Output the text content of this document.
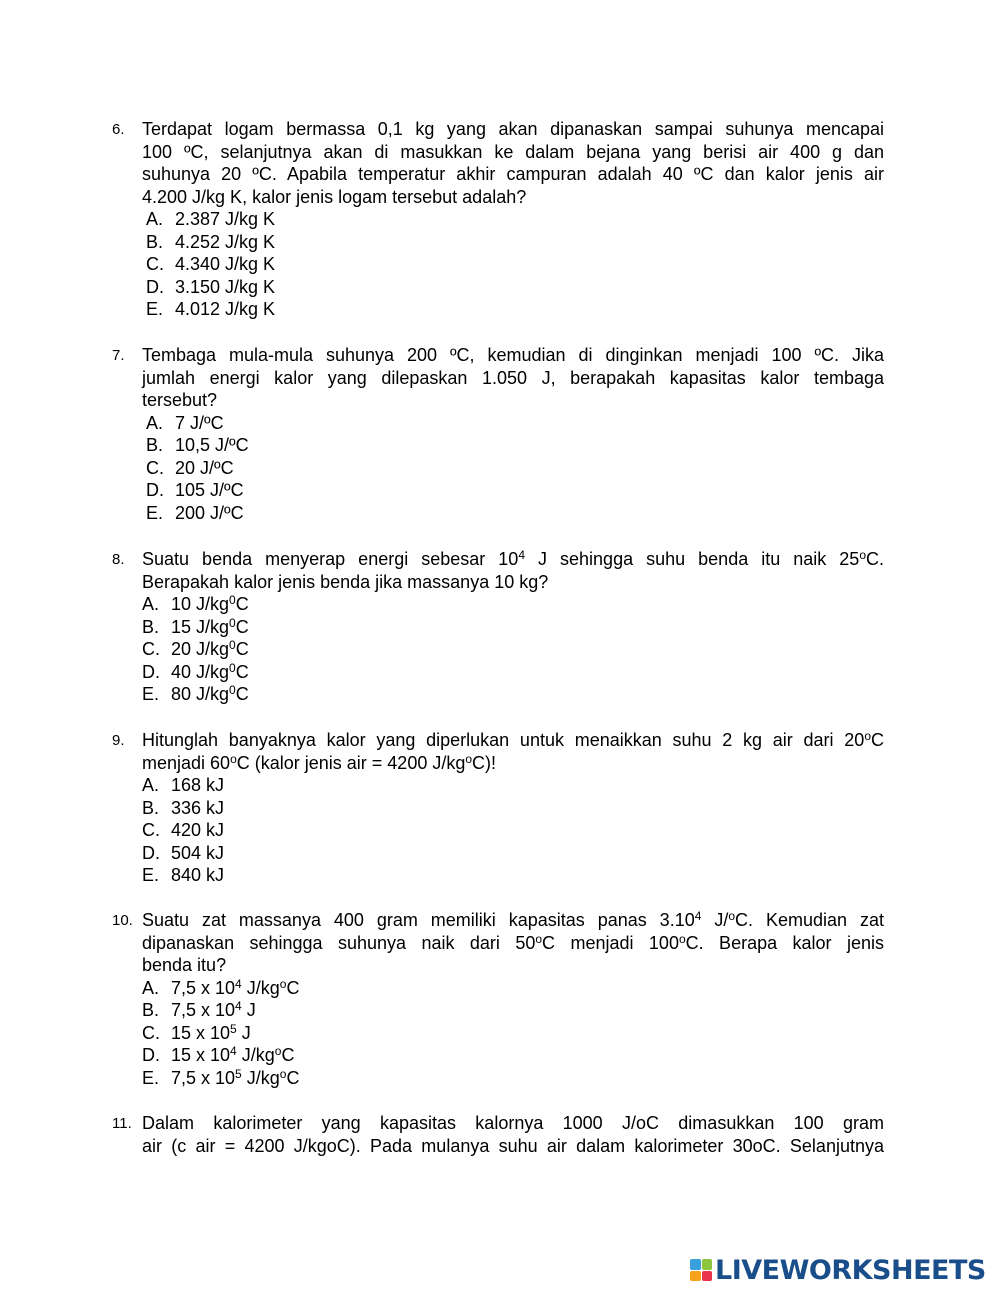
6. Terdapat logam bermassa 0,1 kg yang akan dipanaskan sampai suhunya mencapai
100 ºC, selanjutnya akan di masukkan ke dalam bejana yang berisi air 400 g dan
suhunya 20 ºC. Apabila temperatur akhir campuran adalah 40 ºC dan kalor jenis air
4.200 J/kg K, kalor jenis logam tersebut adalah?
A. 2.387 J/kg K
B. 4.252 J/kg K
C. 4.340 J/kg K
D. 3.150 J/kg K
E. 4.012 J/kg K
7. Tembaga mula-mula suhunya 200 ºC, kemudian di dinginkan menjadi 100 ºC. Jika
jumlah energi kalor yang dilepaskan 1.050 J, berapakah kapasitas kalor tembaga
tersebut?
A. 7 J/ºC
B. 10,5 J/ºC
C. 20 J/ºC
D. 105 J/ºC
E. 200 J/ºC
8. Suatu benda menyerap energi sebesar $10^4$ J sehingga suhu benda itu naik 25$^o$C.
Berapakah kalor jenis benda jika massanya 10 kg?
A. 10 $J/kg^0C$
B. 15 $J/kg^0C$
C. 20 $J/kg^0C$
D. 40 $J/kg^0C$
E. 80 $J/kg^0C$
9. Hitunglah banyaknya kalor yang diperlukan untuk menaikkan suhu 2 kg air dari 20$^o$C
menjadi 60$^o$C (kalor jenis air = 4200 $J/kg^oC$)!
A. 168 kJ
B. 336 kJ
C. 420 kJ
D. 504 kJ
E. 840 kJ
10. Suatu zat massanya 400 gram memiliki kapasitas panas 3.10$^4$ J/$^o$C. Kemudian zat
dipanaskan sehingga suhunya naik dari 50$^o$C menjadi 100$^o$C. Berapa kalor jenis
benda itu?
A. 7,5 x $10^4$ $J/kg^oC$
B. 7,5 x $10^4$ J
C. 15 x $10^5$ J
D. 15 x $10^4$ $J/kg^oC$
E. 7,5 x $10^5$ $J/kg^oC$
11. Dalam kalorimeter yang kapasitas kalornya 1000 J/oC dimasukkan 100 gram
air (c air = 4200 J/kgoC). Pada mulanya suhu air dalam kalorimeter 30oC. Selanjutnya
LIVEWORKSHEETS
